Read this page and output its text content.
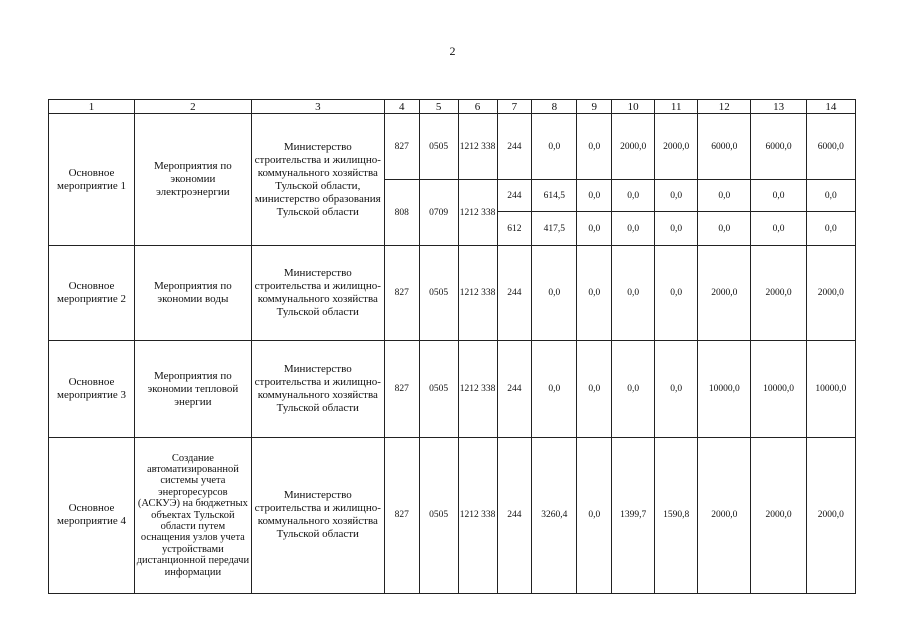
2
1	2	3	4	5	6	7	8	9	10	11	12	13	14
Основное мероприятие 1	Мероприятия по экономии электроэнергии	Министерство строительства и жилищно-коммунального хозяйства Тульской области, министерство образования Тульской области	827	0505	1212 338	244	0,0	0,0	2000,0	2000,0	6000,0	6000,0	6000,0
			808	0709	1212 338	244	614,5	0,0	0,0	0,0	0,0	0,0	0,0
						612	417,5	0,0	0,0	0,0	0,0	0,0	0,0
Основное мероприятие 2	Мероприятия по экономии воды	Министерство строительства и жилищно-коммунального хозяйства Тульской области	827	0505	1212 338	244	0,0	0,0	0,0	0,0	2000,0	2000,0	2000,0
Основное мероприятие 3	Мероприятия по экономии тепловой энергии	Министерство строительства и жилищно-коммунального хозяйства Тульской области	827	0505	1212 338	244	0,0	0,0	0,0	0,0	10000,0	10000,0	10000,0
Основное мероприятие 4	Создание автоматизированной системы учета энергоресурсов (АСКУЭ) на бюджетных объектах Тульской области путем оснащения узлов учета устройствами дистанционной передачи информации	Министерство строительства и жилищно-коммунального хозяйства Тульской области	827	0505	1212 338	244	3260,4	0,0	1399,7	1590,8	2000,0	2000,0	2000,0
